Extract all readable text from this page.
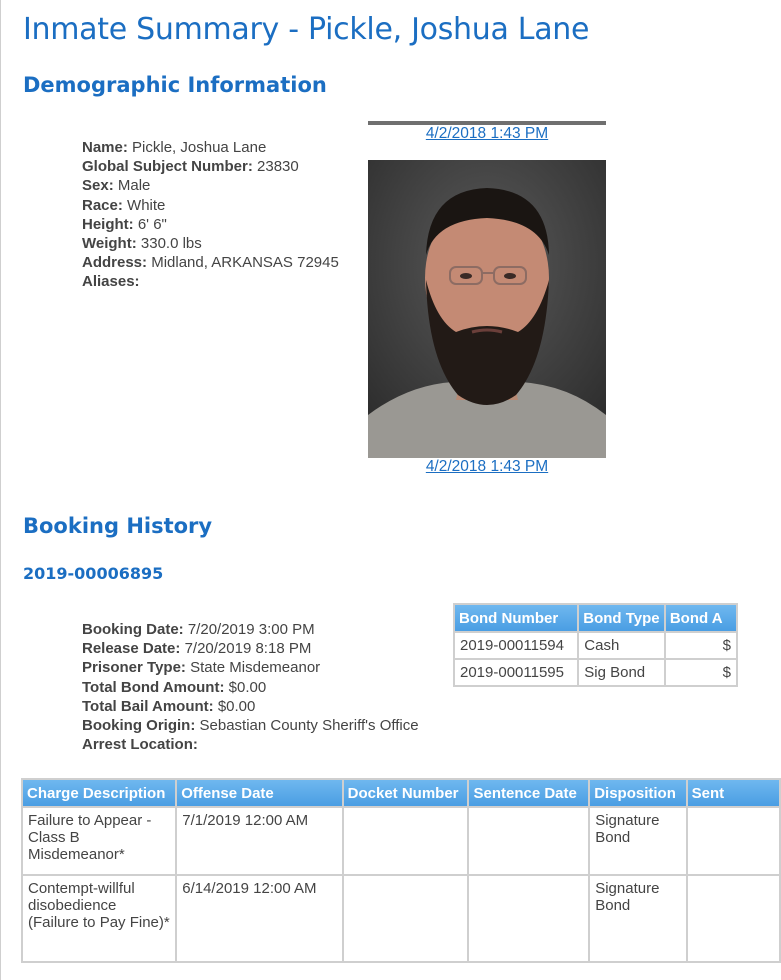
Inmate Summary - Pickle, Joshua Lane
Demographic Information
Name: Pickle, Joshua Lane
Global Subject Number: 23830
Sex: Male
Race: White
Height: 6' 6"
Weight: 330.0 lbs
Address: Midland, ARKANSAS 72945
Aliases:
4/2/2018 1:43 PM
4/2/2018 1:43 PM
Booking History
2019-00006895
Booking Date: 7/20/2019 3:00 PM
Release Date: 7/20/2019 8:18 PM
Prisoner Type: State Misdemeanor
Total Bond Amount: $0.00
Total Bail Amount: $0.00
Booking Origin: Sebastian County Sheriff's Office
Arrest Location:
Bond Number	Bond Type	Bond A
2019-00011594	Cash	$
2019-00011595	Sig Bond	$
Charge Description	Offense Date	Docket Number	Sentence Date	Disposition	Sent
Failure to Appear - Class B Misdemeanor*	7/1/2019 12:00 AM			Signature Bond	
Contempt-willful disobedience (Failure to Pay Fine)*	6/14/2019 12:00 AM			Signature Bond	
